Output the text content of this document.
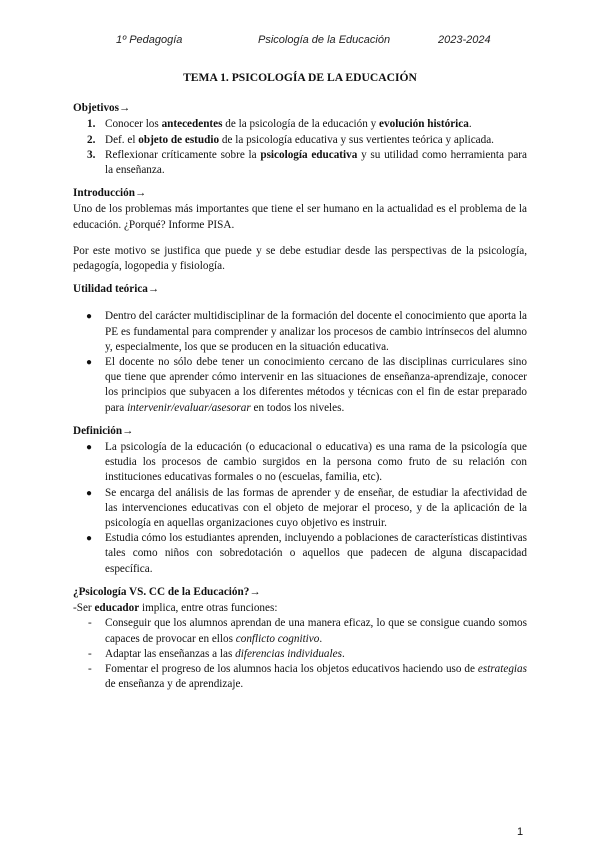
1º Pedagogía	Psicología de la Educación	2023-2024
TEMA 1. PSICOLOGÍA DE LA EDUCACIÓN
Objetivos→
1. Conocer los antecedentes de la psicología de la educación y evolución histórica.
2. Def. el objeto de estudio de la psicología educativa y sus vertientes teórica y aplicada.
3. Reflexionar críticamente sobre la psicología educativa y su utilidad como herramienta para la enseñanza.
Introducción→

Uno de los problemas más importantes que tiene el ser humano en la actualidad es el problema de la educación. ¿Porqué? Informe PISA.

Por este motivo se justifica que puede y se debe estudiar desde las perspectivas de la psicología, pedagogía, logopedia y fisiología.

Utilidad teórica→
● Dentro del carácter multidisciplinar de la formación del docente el conocimiento que aporta la PE es fundamental para comprender y analizar los procesos de cambio intrínsecos del alumno y, especialmente, los que se producen en la situación educativa.
● El docente no sólo debe tener un conocimiento cercano de las disciplinas curriculares sino que tiene que aprender cómo intervenir en las situaciones de enseñanza-aprendizaje, conocer los principios que subyacen a los diferentes métodos y técnicas con el fin de estar preparado para intervenir/evaluar/asesorar en todos los niveles.
Definición→
● La psicología de la educación (o educacional o educativa) es una rama de la psicología que estudia los procesos de cambio surgidos en la persona como fruto de su relación con instituciones educativas formales o no (escuelas, familia, etc).
● Se encarga del análisis de las formas de aprender y de enseñar, de estudiar la afectividad de las intervenciones educativas con el objeto de mejorar el proceso, y de la aplicación de la psicología en aquellas organizaciones cuyo objetivo es instruir.
● Estudia cómo los estudiantes aprenden, incluyendo a poblaciones de características distintivas tales como niños con sobredotación o aquellos que padecen de alguna discapacidad específica.
¿Psicología VS. CC de la Educación?→

-Ser educador implica, entre otras funciones:

- Conseguir que los alumnos aprendan de una manera eficaz, lo que se consigue cuando somos capaces de provocar en ellos conflicto cognitivo.
- Adaptar las enseñanzas a las diferencias individuales.
- Fomentar el progreso de los alumnos hacia los objetos educativos haciendo uso de estrategias de enseñanza y de aprendizaje.
1
